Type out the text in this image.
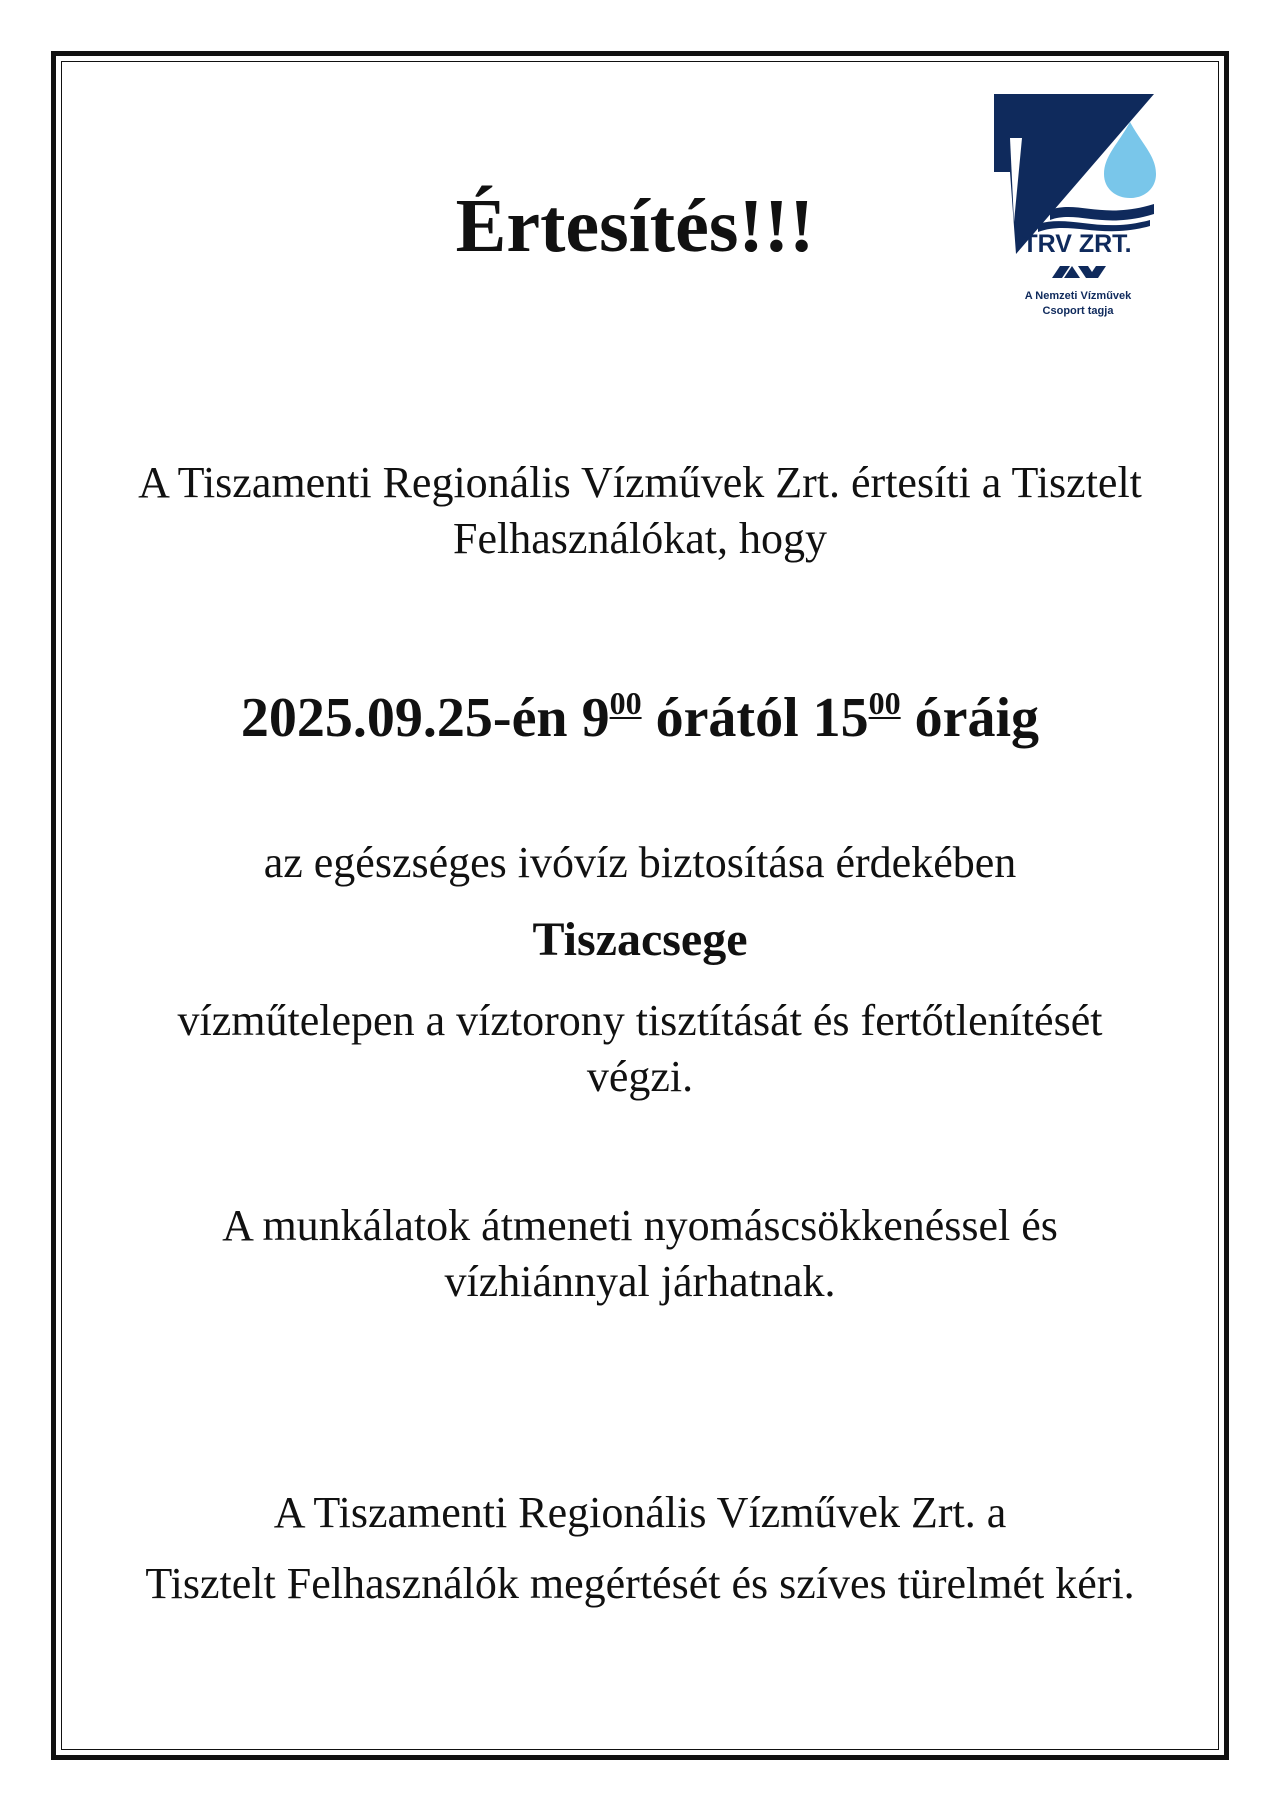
Értesítés!!!	TRV ZRT.
A Nemzeti Vízművek
Csoport tagja
A Tiszamenti Regionális Vízművek Zrt. értesíti a Tisztelt
Felhasználókat, hogy
2025.09.25-én $9^{00}$ órától $15^{00}$ óráig
az egészséges ivóvíz biztosítása érdekében
Tiszacsege
vízműtelepen a víztorony tisztítását és fertőtlenítését
végzi.
A munkálatok átmeneti nyomáscsökkenéssel és
vízhiánnyal járhatnak.
A Tiszamenti Regionális Vízművek Zrt. a
Tisztelt Felhasználók megértését és szíves türelmét kéri.
